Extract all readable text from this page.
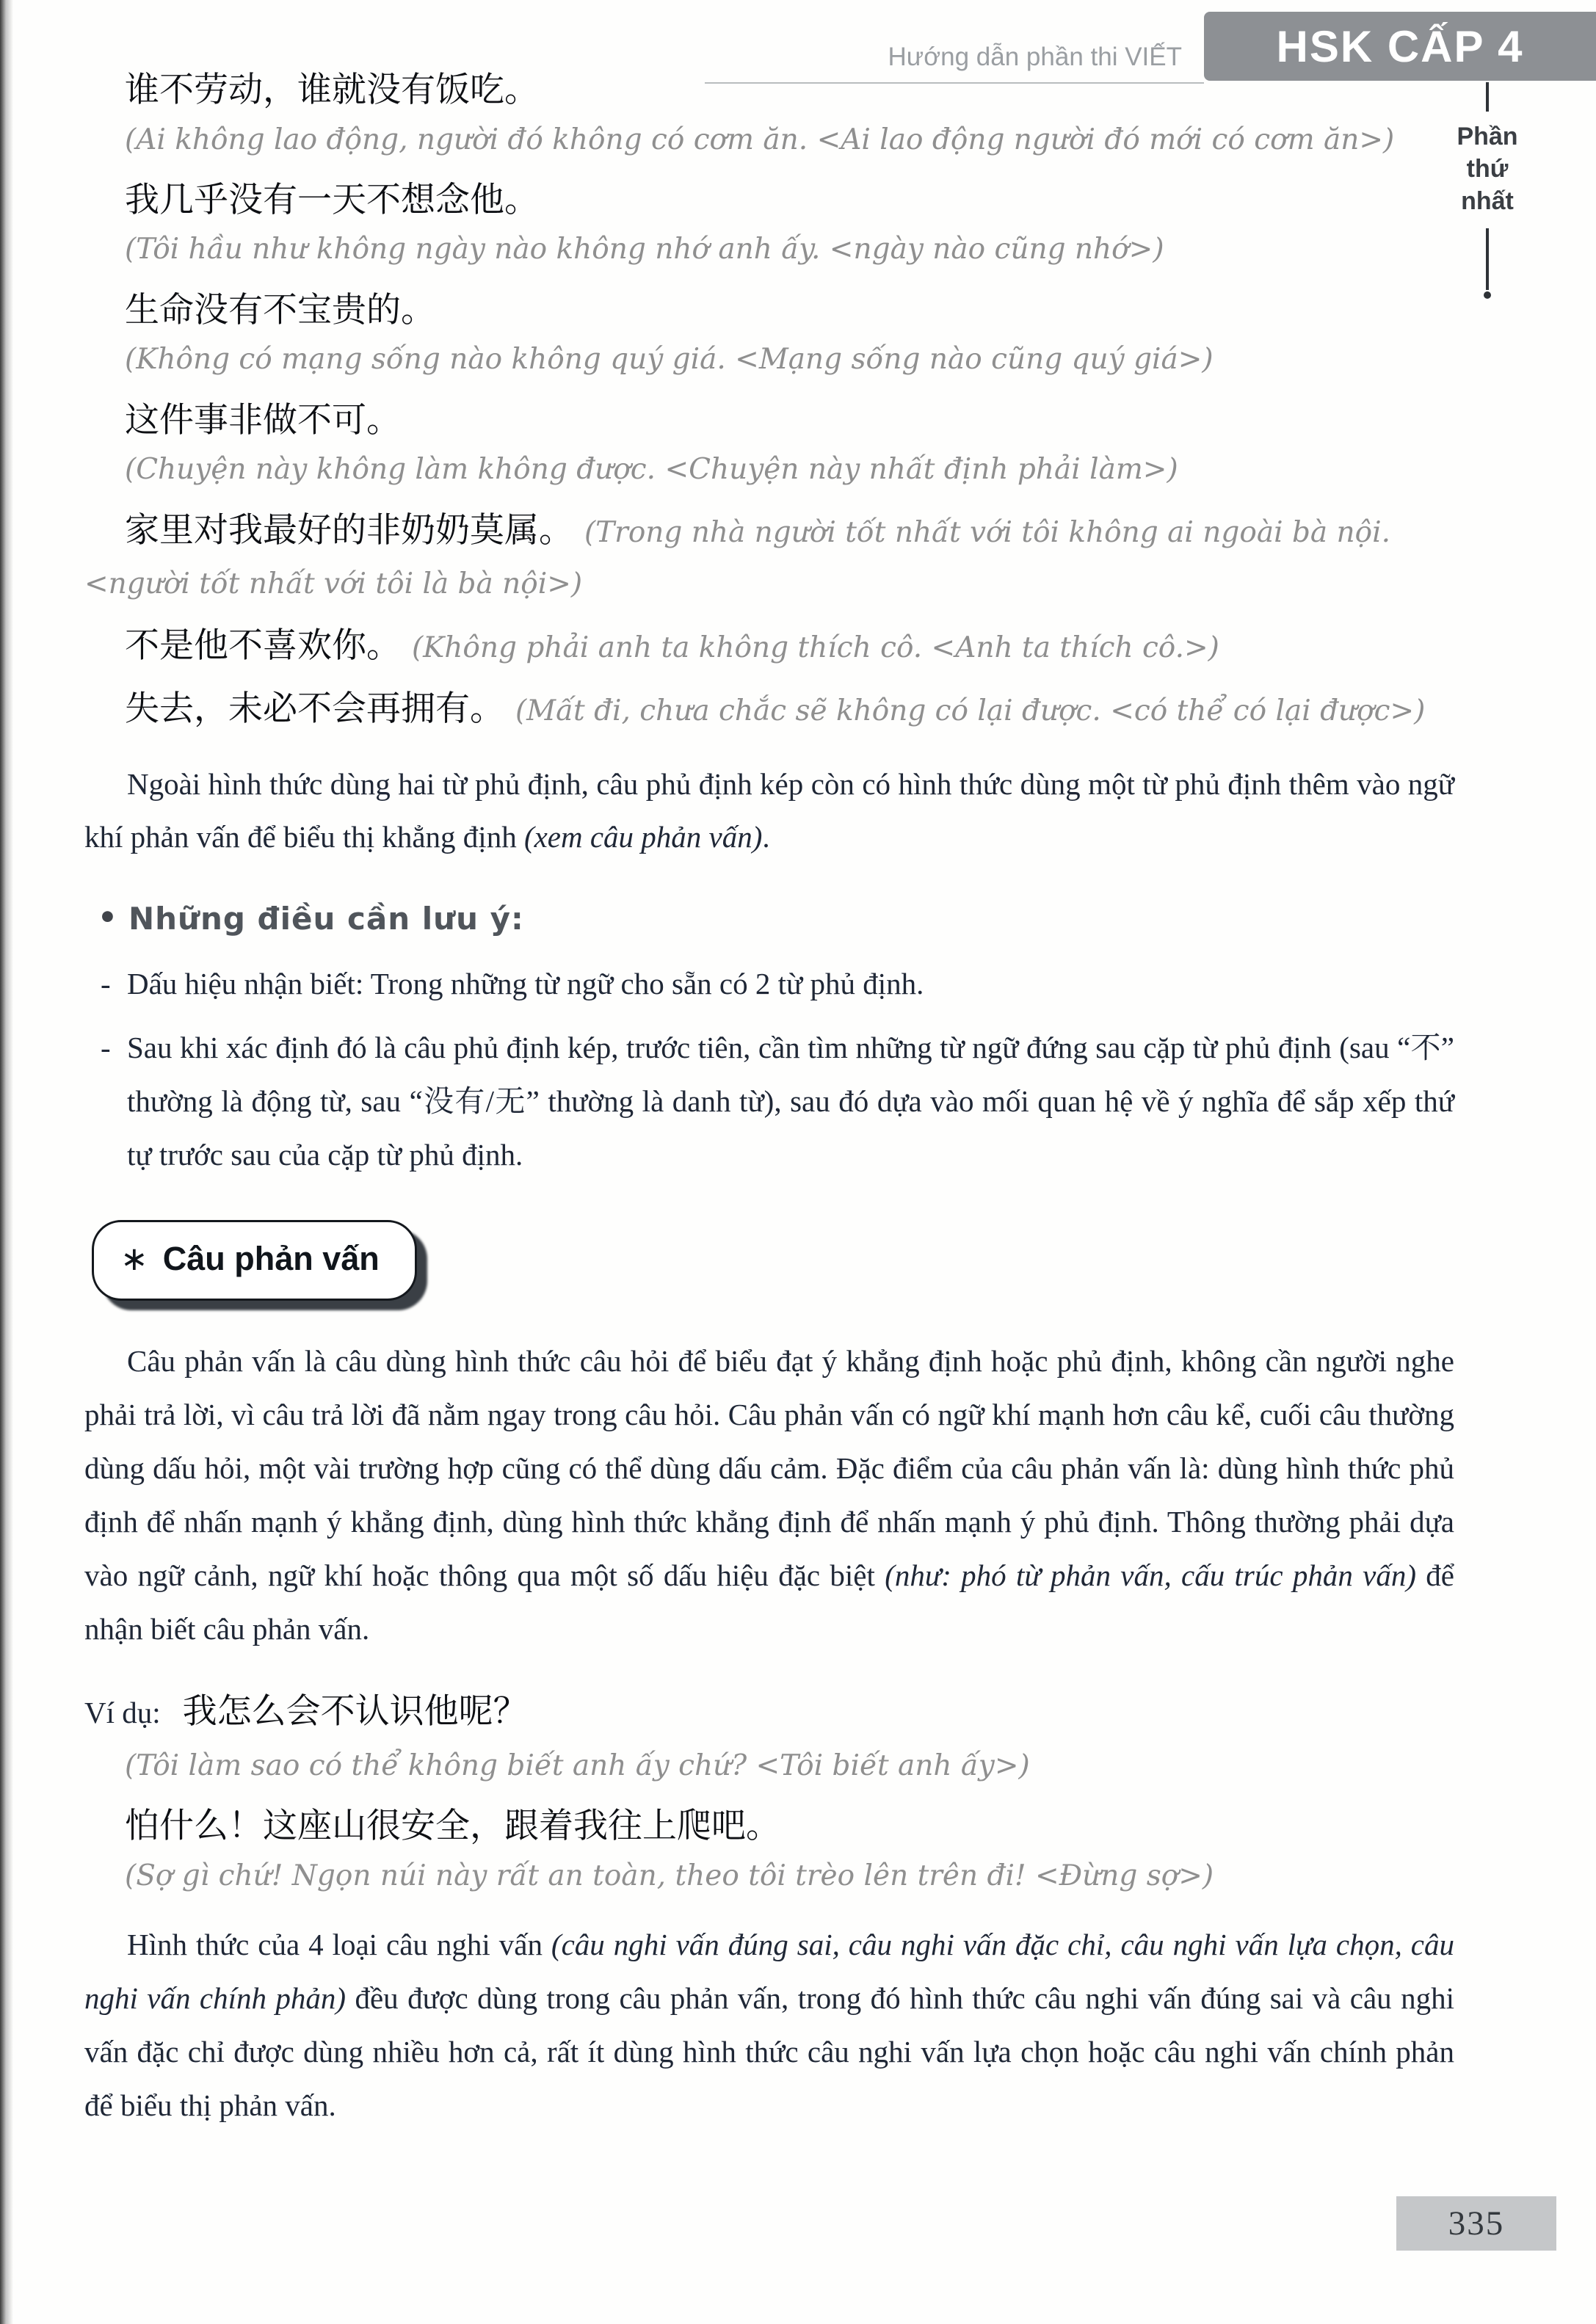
Hướng dẫn phần thi VIẾT	HSK CẤP 4
Phần
thứ
nhất
谁不劳动，谁就没有饭吃。
(Ai không lao động, người đó không có cơm ăn. <Ai lao động người đó mới có cơm ăn>)
我几乎没有一天不想念他。
(Tôi hầu như không ngày nào không nhớ anh ấy. <ngày nào cũng nhớ>)
生命没有不宝贵的。
(Không có mạng sống nào không quý giá. <Mạng sống nào cũng quý giá>)
这件事非做不可。
(Chuyện này không làm không được. <Chuyện này nhất định phải làm>)
家里对我最好的非奶奶莫属。 (Trong nhà người tốt nhất với tôi không ai ngoài bà nội. <người tốt nhất với tôi là bà nội>)
不是他不喜欢你。 (Không phải anh ta không thích cô. <Anh ta thích cô.>)
失去，未必不会再拥有。 (Mất đi, chưa chắc sẽ không có lại được. <có thể có lại được>)
Ngoài hình thức dùng hai từ phủ định, câu phủ định kép còn có hình thức dùng một từ phủ định thêm vào ngữ khí phản vấn để biểu thị khẳng định (xem câu phản vấn).
• Những điều cần lưu ý:
- Dấu hiệu nhận biết: Trong những từ ngữ cho sẵn có 2 từ phủ định.
- Sau khi xác định đó là câu phủ định kép, trước tiên, cần tìm những từ ngữ đứng sau cặp từ phủ định (sau “不” thường là động từ, sau “没有/无” thường là danh từ), sau đó dựa vào mối quan hệ về ý nghĩa để sắp xếp thứ tự trước sau của cặp từ phủ định.
∗ Câu phản vấn
Câu phản vấn là câu dùng hình thức câu hỏi để biểu đạt ý khẳng định hoặc phủ định, không cần người nghe phải trả lời, vì câu trả lời đã nằm ngay trong câu hỏi. Câu phản vấn có ngữ khí mạnh hơn câu kể, cuối câu thường dùng dấu hỏi, một vài trường hợp cũng có thể dùng dấu cảm. Đặc điểm của câu phản vấn là: dùng hình thức phủ định để nhấn mạnh ý khẳng định, dùng hình thức khẳng định để nhấn mạnh ý phủ định. Thông thường phải dựa vào ngữ cảnh, ngữ khí hoặc thông qua một số dấu hiệu đặc biệt (như: phó từ phản vấn, cấu trúc phản vấn) để nhận biết câu phản vấn.
Ví dụ: 我怎么会不认识他呢？
(Tôi làm sao có thể không biết anh ấy chứ? <Tôi biết anh ấy>)
怕什么！这座山很安全，跟着我往上爬吧。
(Sợ gì chứ! Ngọn núi này rất an toàn, theo tôi trèo lên trên đi! <Đừng sợ>)
Hình thức của 4 loại câu nghi vấn (câu nghi vấn đúng sai, câu nghi vấn đặc chỉ, câu nghi vấn lựa chọn, câu nghi vấn chính phản) đều được dùng trong câu phản vấn, trong đó hình thức câu nghi vấn đúng sai và câu nghi vấn đặc chỉ được dùng nhiều hơn cả, rất ít dùng hình thức câu nghi vấn lựa chọn hoặc câu nghi vấn chính phản để biểu thị phản vấn.
335
